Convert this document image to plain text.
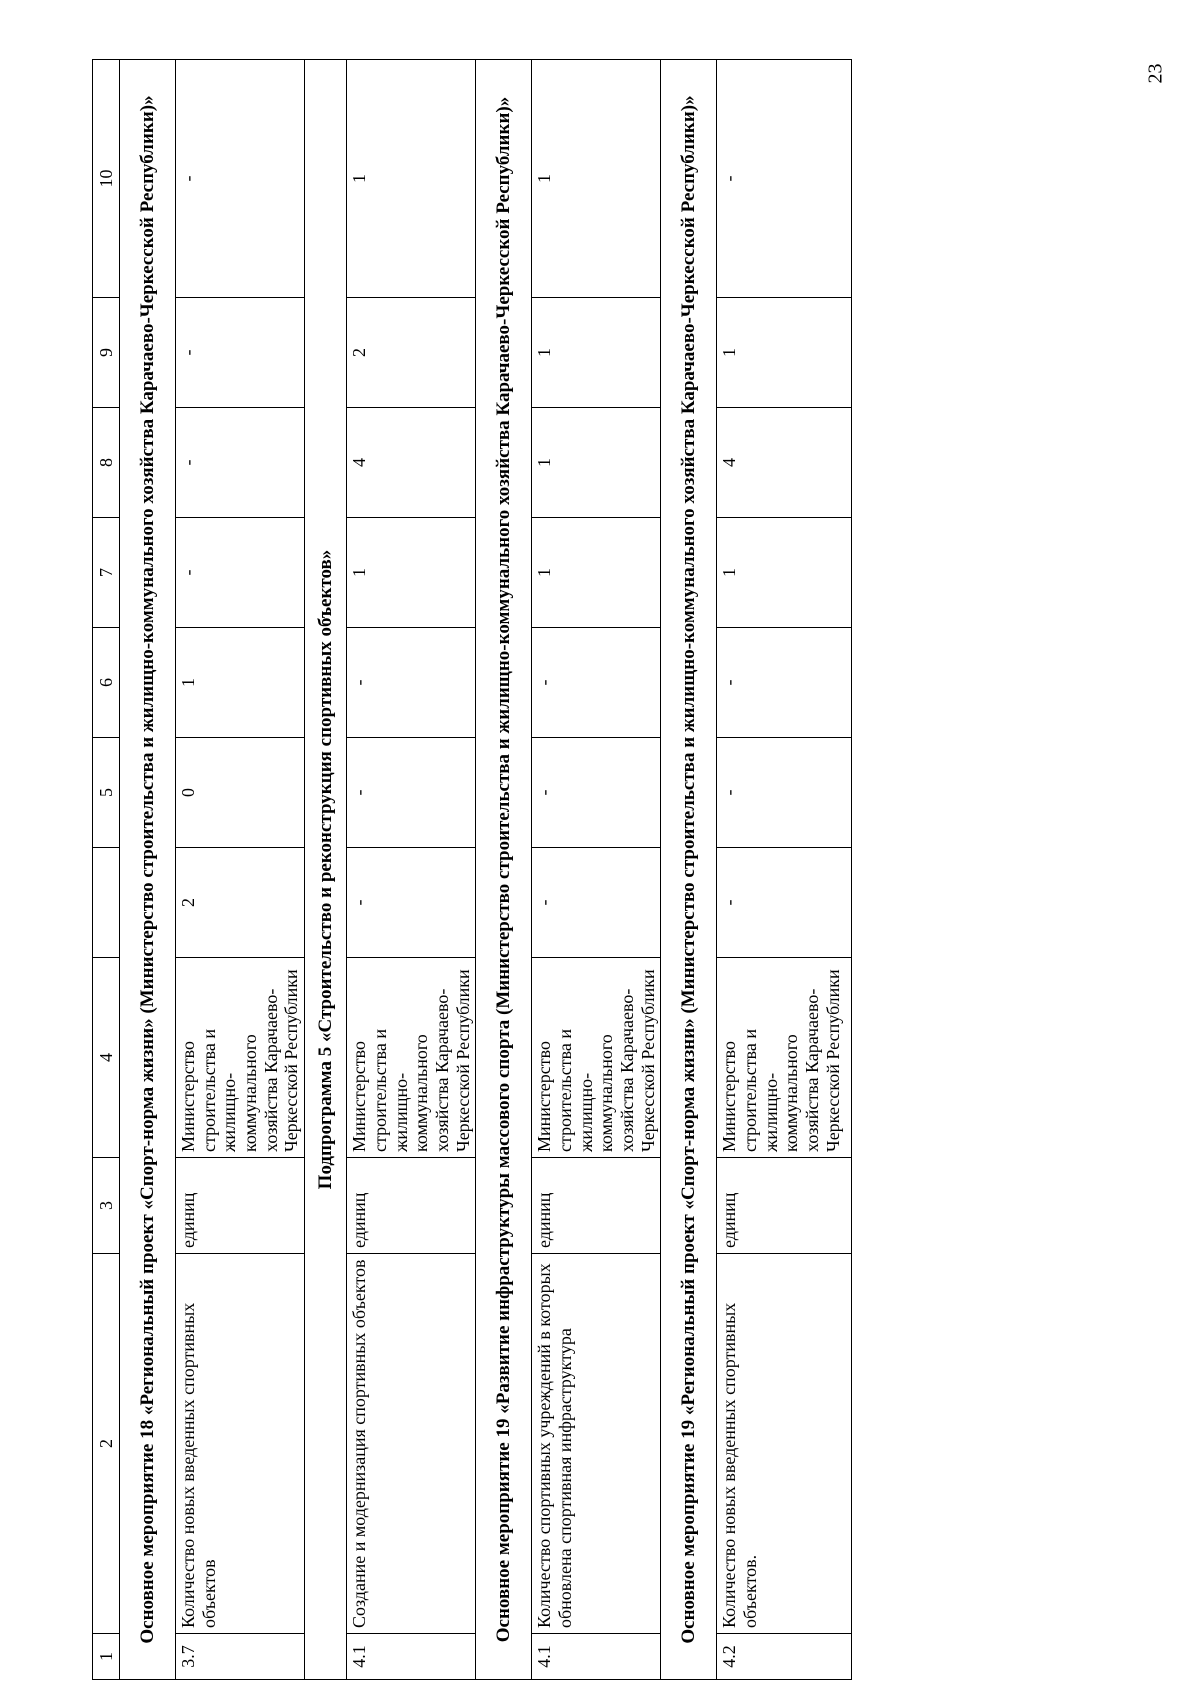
23
1	2	3	4		5	6	7	8	9	10
Основное мероприятие 18 «Региональный проект «Спорт-норма жизни» (Министерство строительства и жилищно-коммунального хозяйства Карачаево-Черкесской Республики)»										
3.7	Количество новых введенных спортивных объектов	единиц	Министерство строительства и жилищно-коммунального хозяйства Карачаево-Черкесской Республики	2	0	1	-	-	-	-
Подпрограмма 5 «Строительство и реконструкция спортивных объектов»										
4.1	Создание и модернизация спортивных объектов	единиц	Министерство строительства и жилищно-коммунального хозяйства Карачаево-Черкесской Республики	-	-	-	1	4	2	1
Основное мероприятие 19 «Развитие инфраструктуры массового спорта (Министерство строительства и жилищно-коммунального хозяйства Карачаево-Черкесской Республики)»										
4.1	Количество спортивных учреждений в которых обновлена спортивная инфраструктура	единиц	Министерство строительства и жилищно-коммунального хозяйства Карачаево-Черкесской Республики	-	-	-	1	1	1	1
Основное мероприятие 19 «Региональный проект «Спорт-норма жизни» (Министерство строительства и жилищно-коммунального хозяйства Карачаево-Черкесской Республики)»										
4.2	Количество новых введенных спортивных объектов.	единиц	Министерство строительства и жилищно-коммунального хозяйства Карачаево-Черкесской Республики	-	-	-	1	4	1	-
